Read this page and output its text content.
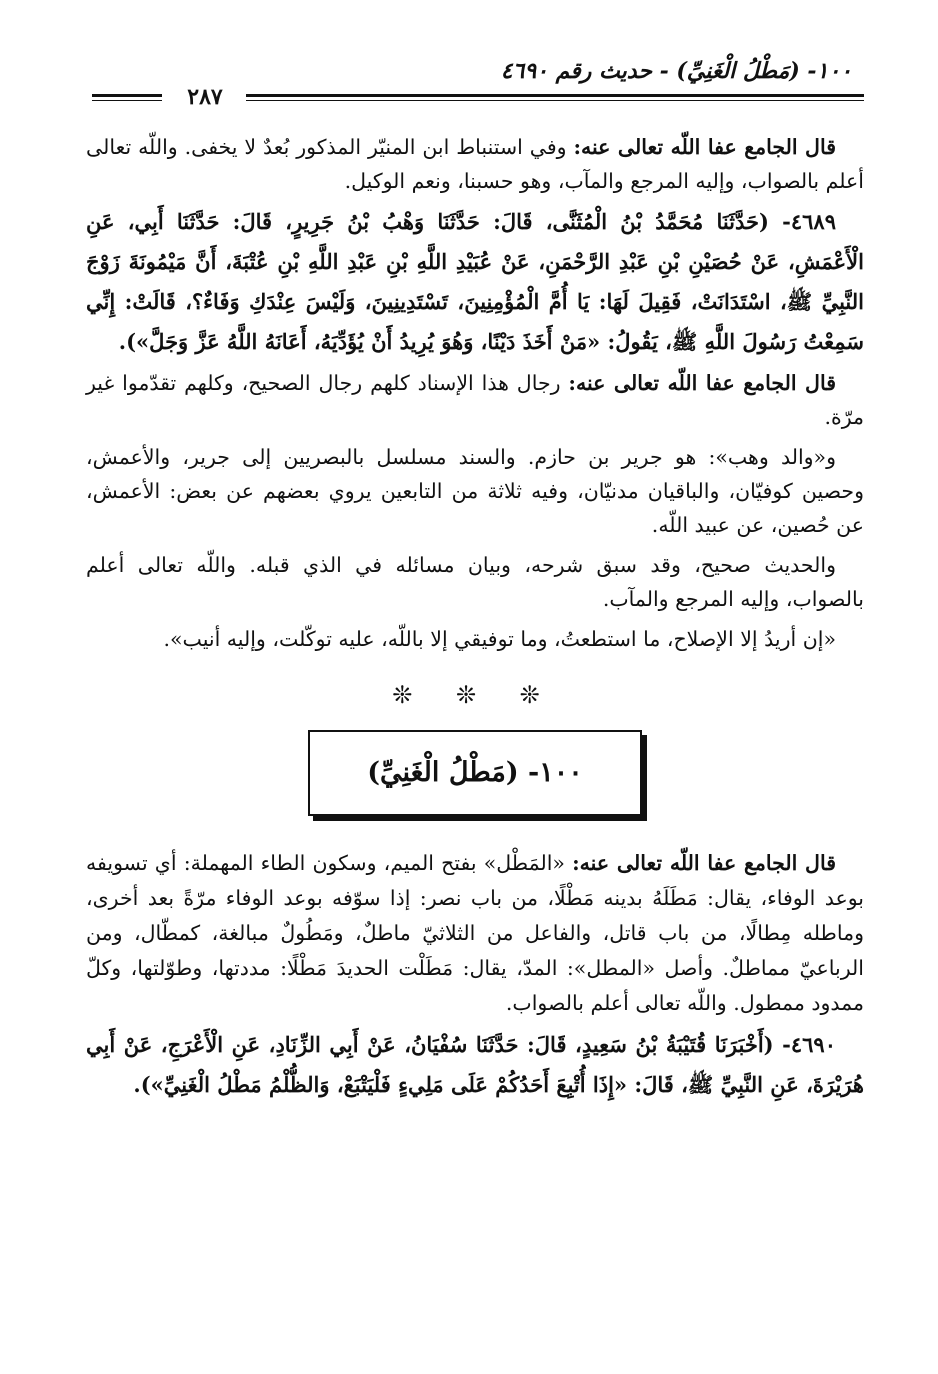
١٠٠- (مَطْلُ الْغَنِيِّ) - حديث رقم ٤٦٩٠
٢٨٧

قال الجامع عفا اللّه تعالى عنه: وفي استنباط ابن المنيّر المذكور بُعدٌ لا يخفى. واللّه تعالى أعلم بالصواب، وإليه المرجع والمآب، وهو حسبنا، ونعم الوكيل.

٤٦٨٩- (حَدَّثَنَا مُحَمَّدُ بْنُ الْمُثَنَّى، قَالَ: حَدَّثَنَا وَهْبُ بْنُ جَرِيرٍ، قَالَ: حَدَّثَنَا أَبِي، عَنِ الْأَعْمَشِ، عَنْ حُصَيْنِ بْنِ عَبْدِ الرَّحْمَنِ، عَنْ عُبَيْدِ اللَّهِ بْنِ عَبْدِ اللَّهِ بْنِ عُتْبَةَ، أَنَّ مَيْمُونَةَ زَوْجَ النَّبِيِّ ﷺ، اسْتَدَانَتْ، فَقِيلَ لَهَا: يَا أُمَّ الْمُؤْمِنِينَ، تَسْتَدِينِينَ، وَلَيْسَ عِنْدَكِ وَفَاءٌ؟، قَالَتْ: إِنِّي سَمِعْتُ رَسُولَ اللَّهِ ﷺ، يَقُولُ: «مَنْ أَخَذَ دَيْنًا، وَهُوَ يُرِيدُ أَنْ يُؤَدِّيَهُ، أَعَانَهُ اللَّهُ عَزَّ وَجَلَّ»).

قال الجامع عفا اللّه تعالى عنه: رجال هذا الإسناد كلهم رجال الصحيح، وكلهم تقدّموا غير مرّة.

و«والد وهب»: هو جرير بن حازم. والسند مسلسل بالبصريين إلى جرير، والأعمش، وحصين كوفيّان، والباقيان مدنيّان، وفيه ثلاثة من التابعين يروي بعضهم عن بعض: الأعمش، عن حُصين، عن عبيد اللّه.

والحديث صحيح، وقد سبق شرحه، وبيان مسائله في الذي قبله. واللّه تعالى أعلم بالصواب، وإليه المرجع والمآب.

«إن أريدُ إلا الإصلاح، ما استطعتُ، وما توفيقي إلا باللّه، عليه توكّلت، وإليه أنيب».

❊ ❊ ❊
١٠٠- (مَطْلُ الْغَنِيِّ)

قال الجامع عفا اللّه تعالى عنه: «المَطْل» بفتح الميم، وسكون الطاء المهملة: أي تسويفه بوعد الوفاء، يقال: مَطَلَهُ بدينه مَطْلًا، من باب نصر: إذا سوّفه بوعد الوفاء مرّةً بعد أخرى، وماطله مِطالًا، من باب قاتل، والفاعل من الثلاثيّ ماطلٌ، ومَطُولٌ مبالغة، كمطّال، ومن الرباعيّ مماطلٌ. وأصل «المطل»: المدّ، يقال: مَطَلْت الحديدَ مَطْلًا: مددتها، وطوّلتها، وكلّ ممدود ممطول. واللّه تعالى أعلم بالصواب.

٤٦٩٠- (أَخْبَرَنَا قُتَيْبَةُ بْنُ سَعِيدٍ، قَالَ: حَدَّثَنَا سُفْيَانُ، عَنْ أَبِي الزِّنَادِ، عَنِ الْأَعْرَجِ، عَنْ أَبِي هُرَيْرَةَ، عَنِ النَّبِيِّ ﷺ، قَالَ: «إِذَا أُتْبِعَ أَحَدُكُمْ عَلَى مَلِيءٍ فَلْيَتْبَعْ، وَالظُّلْمُ مَطْلُ الْغَنِيِّ»).
